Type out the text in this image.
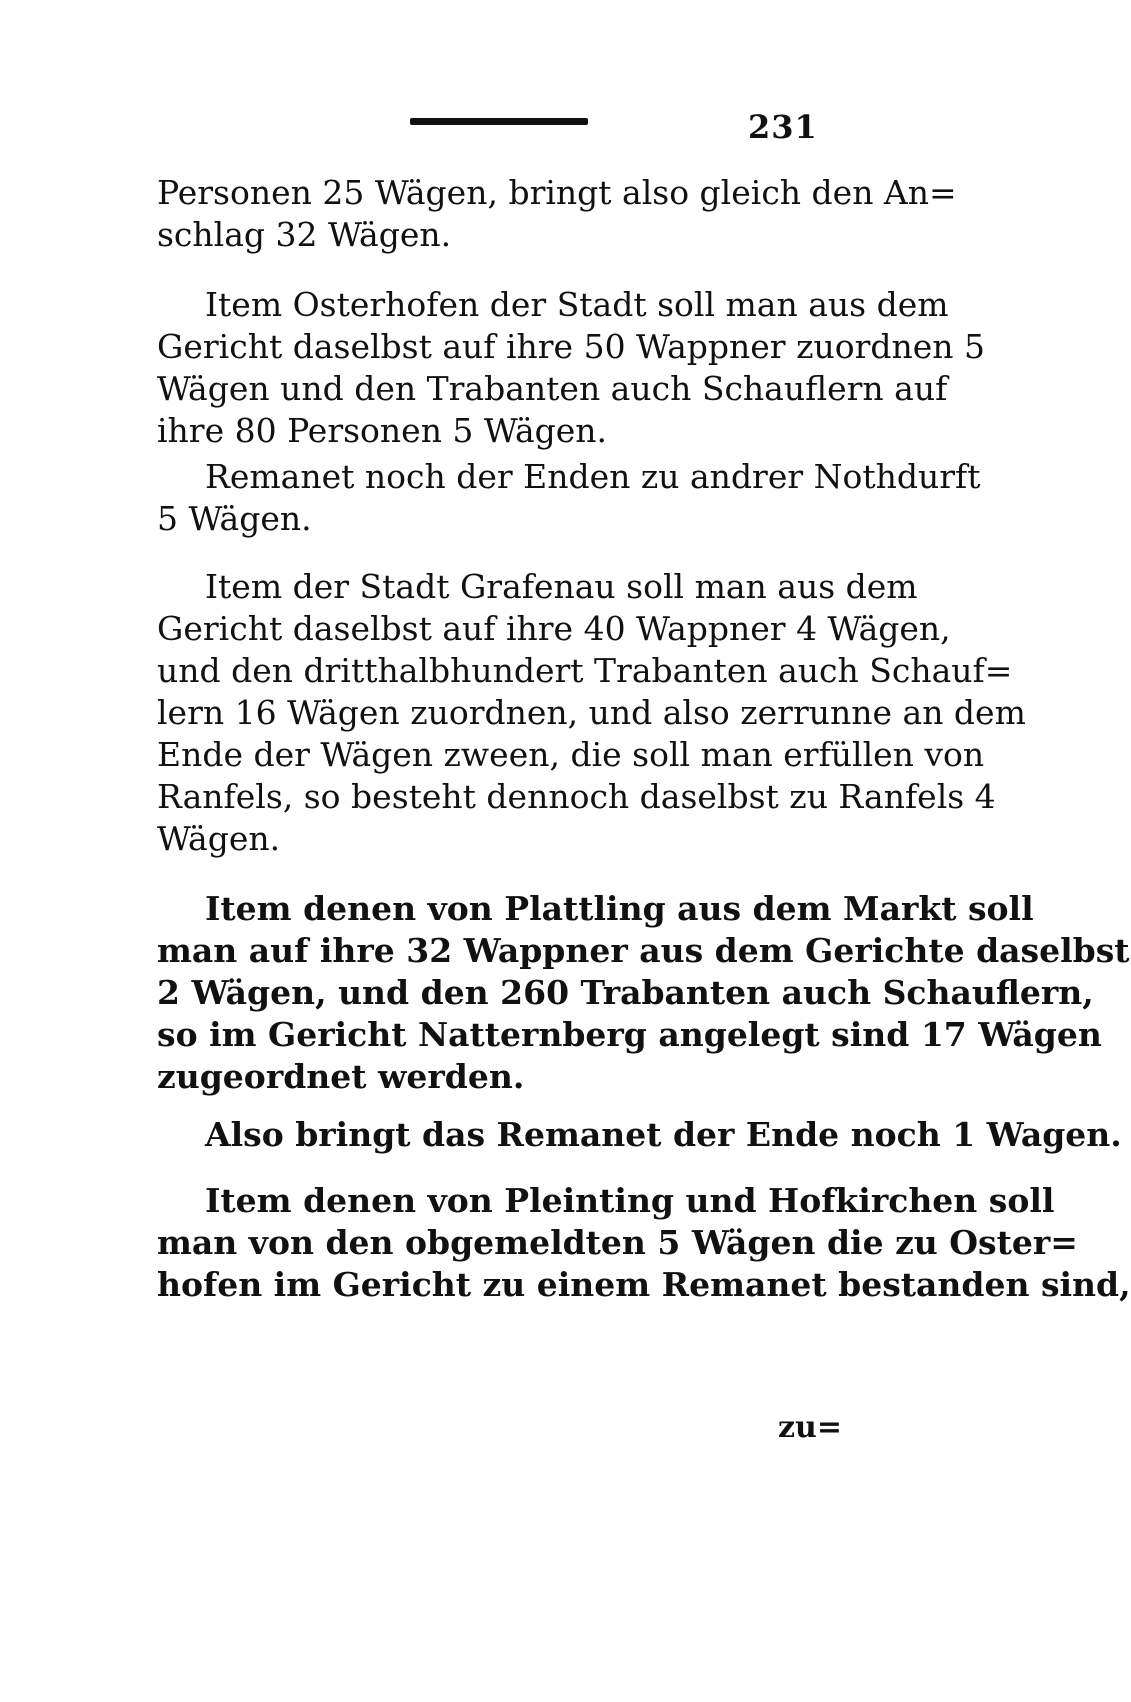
231
Personen 25 Wägen, bringt also gleich den An=
schlag 32 Wägen.
Item Osterhofen der Stadt soll man aus dem
Gericht daselbst auf ihre 50 Wappner zuordnen 5
Wägen und den Trabanten auch Schauflern auf
ihre 80 Personen 5 Wägen.
Remanet noch der Enden zu andrer Nothdurft
5 Wägen.
Item der Stadt Grafenau soll man aus dem
Gericht daselbst auf ihre 40 Wappner 4 Wägen,
und den dritthalbhundert Trabanten auch Schauf=
lern 16 Wägen zuordnen, und also zerrunne an dem
Ende der Wägen zween, die soll man erfüllen von
Ranfels, so besteht dennoch daselbst zu Ranfels 4
Wägen.
Item denen von Plattling aus dem Markt soll
man auf ihre 32 Wappner aus dem Gerichte daselbst
2 Wägen, und den 260 Trabanten auch Schauflern,
so im Gericht Natternberg angelegt sind 17 Wägen
zugeordnet werden.
Also bringt das Remanet der Ende noch 1 Wagen.
Item denen von Pleinting und Hofkirchen soll
man von den obgemeldten 5 Wägen die zu Oster=
hofen im Gericht zu einem Remanet bestanden sind,
zu=
